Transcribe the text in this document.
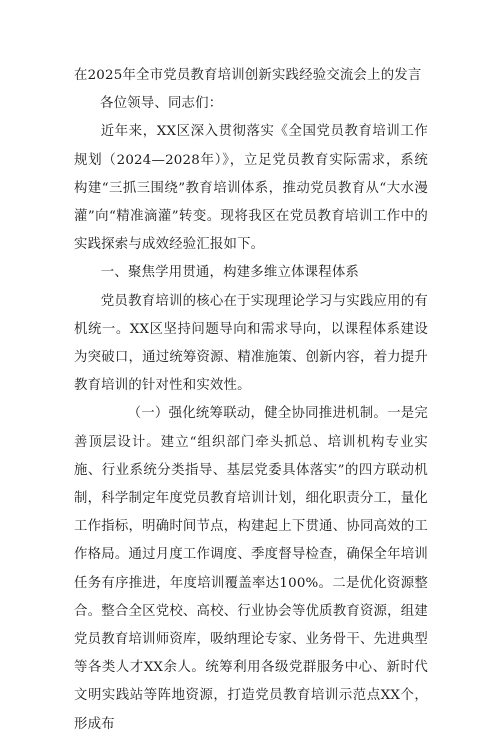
在2025年全市党员教育培训创新实践经验交流会上的发言

各位领导、同志们：

近年来，XX区深入贯彻落实《全国党员教育培训工作规划（2024—2028年）》，立足党员教育实际需求，系统构建“三抓三围绕”教育培训体系，推动党员教育从“大水漫灌”向“精准滴灌”转变。现将我区在党员教育培训工作中的实践探索与成效经验汇报如下。

一、聚焦学用贯通，构建多维立体课程体系

党员教育培训的核心在于实现理论学习与实践应用的有机统一。XX区坚持问题导向和需求导向，以课程体系建设为突破口，通过统筹资源、精准施策、创新内容，着力提升教育培训的针对性和实效性。

（一）强化统筹联动，健全协同推进机制。一是完善顶层设计。建立“组织部门牵头抓总、培训机构专业实施、行业系统分类指导、基层党委具体落实”的四方联动机制，科学制定年度党员教育培训计划，细化职责分工，量化工作指标，明确时间节点，构建起上下贯通、协同高效的工作格局。通过月度工作调度、季度督导检查，确保全年培训任务有序推进，年度培训覆盖率达100%。二是优化资源整合。整合全区党校、高校、行业协会等优质教育资源，组建党员教育培训师资库，吸纳理论专家、业务骨干、先进典型等各类人才XX余人。统筹利用各级党群服务中心、新时代文明实践站等阵地资源，打造党员教育培训示范点XX个，形成布
